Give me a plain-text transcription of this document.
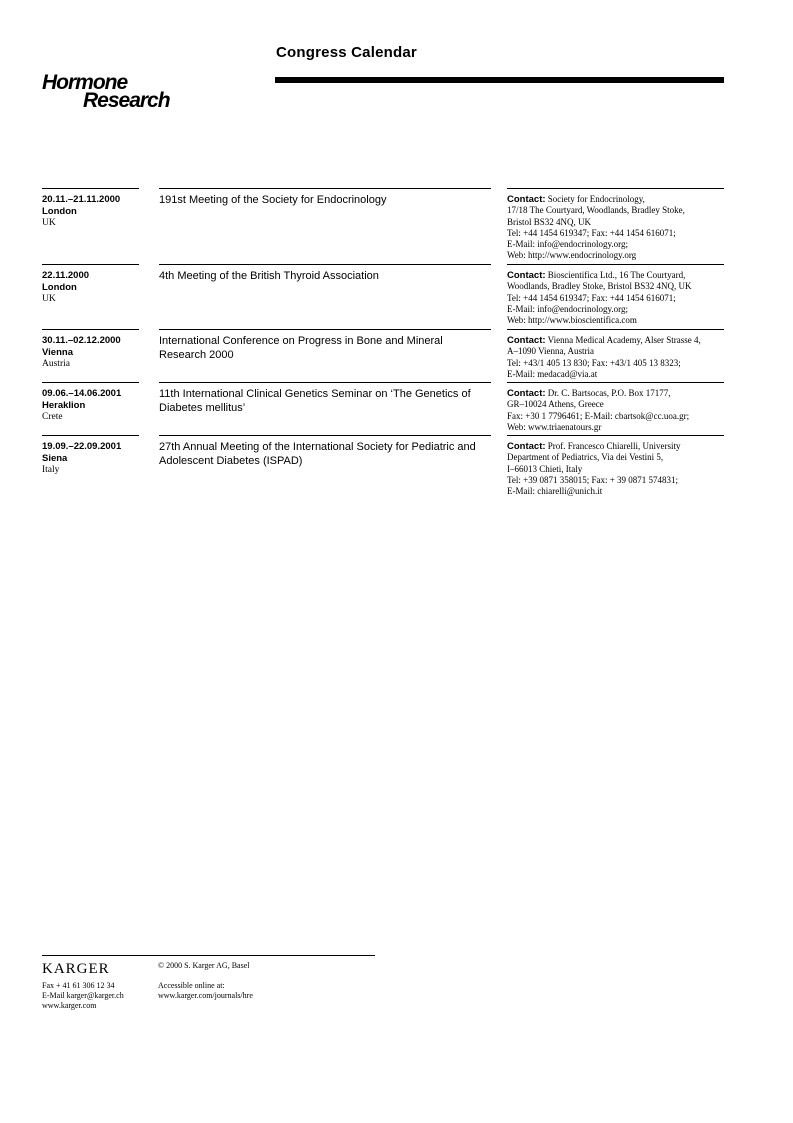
Hormone
Research
Congress Calendar
20.11.–21.11.2000
London
UK
191st Meeting of the Society for Endocrinology	Contact: Society for Endocrinology,
17/18 The Courtyard, Woodlands, Bradley Stoke,
Bristol BS32 4NQ, UK
Tel: +44 1454 619347; Fax: +44 1454 616071;
E-Mail: info@endocrinology.org;
Web: http://www.endocrinology.org
22.11.2000
London
UK
4th Meeting of the British Thyroid Association	Contact: Bioscientifica Ltd., 16 The Courtyard,
Woodlands, Bradley Stoke, Bristol BS32 4NQ, UK
Tel: +44 1454 619347; Fax: +44 1454 616071;
E-Mail: info@endocrinology.org;
Web: http://www.bioscientifica.com
30.11.–02.12.2000
Vienna
Austria
International Conference on Progress in Bone and Mineral Research 2000
Contact: Vienna Medical Academy, Alser Strasse 4,
A–1090 Vienna, Austria
Tel: +43/1 405 13 830; Fax: +43/1 405 13 8323;
E-Mail: medacad@via.at
09.06.–14.06.2001
Heraklion
Crete
11th International Clinical Genetics Seminar on ‘The Genetics of Diabetes mellitus’
Contact: Dr. C. Bartsocas, P.O. Box 17177,
GR–10024 Athens, Greece
Fax: +30 1 7796461; E-Mail: cbartsok@cc.uoa.gr;
Web: www.triaenatours.gr
19.09.–22.09.2001
Siena
Italy
27th Annual Meeting of the International Society for Pediatric and Adolescent Diabetes (ISPAD)
Contact: Prof. Francesco Chiarelli, University
Department of Pediatrics, Via dei Vestini 5,
I–66013 Chieti, Italy
Tel: +39 0871 358015; Fax: + 39 0871 574831;
E-Mail: chiarelli@unich.it
KARGER
Fax + 41 61 306 12 34
E-Mail karger@karger.ch
www.karger.com
© 2000 S. Karger AG, Basel
Accessible online at:
www.karger.com/journals/hre
